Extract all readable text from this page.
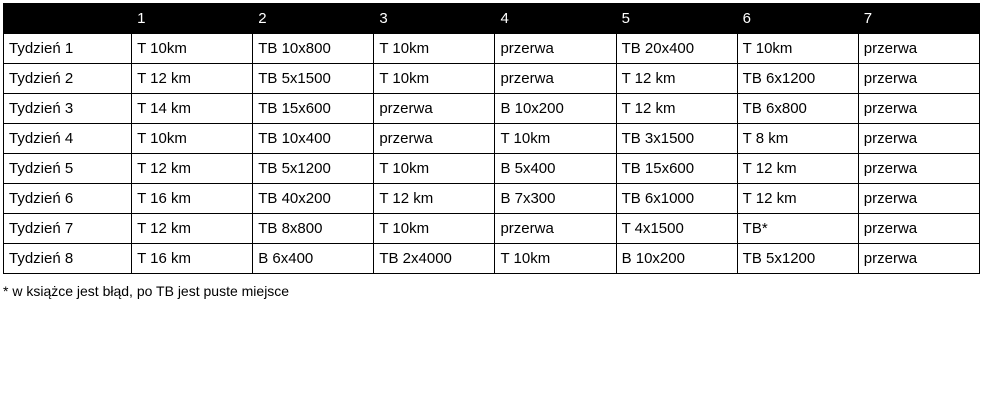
	1	2	3	4	5	6	7
Tydzień 1	T 10km	TB 10x800	T 10km	przerwa	TB 20x400	T 10km	przerwa
Tydzień 2	T 12 km	TB 5x1500	T 10km	przerwa	T 12 km	TB 6x1200	przerwa
Tydzień 3	T 14 km	TB 15x600	przerwa	B 10x200	T 12 km	TB 6x800	przerwa
Tydzień 4	T 10km	TB 10x400	przerwa	T 10km	TB 3x1500	T 8 km	przerwa
Tydzień 5	T 12 km	TB 5x1200	T 10km	B 5x400	TB 15x600	T 12 km	przerwa
Tydzień 6	T 16 km	TB 40x200	T 12 km	B 7x300	TB 6x1000	T 12 km	przerwa
Tydzień 7	T 12 km	TB 8x800	T 10km	przerwa	T 4x1500	TB*	przerwa
Tydzień 8	T 16 km	B 6x400	TB 2x4000	T 10km	B 10x200	TB 5x1200	przerwa
* w książce jest błąd, po TB jest puste miejsce
